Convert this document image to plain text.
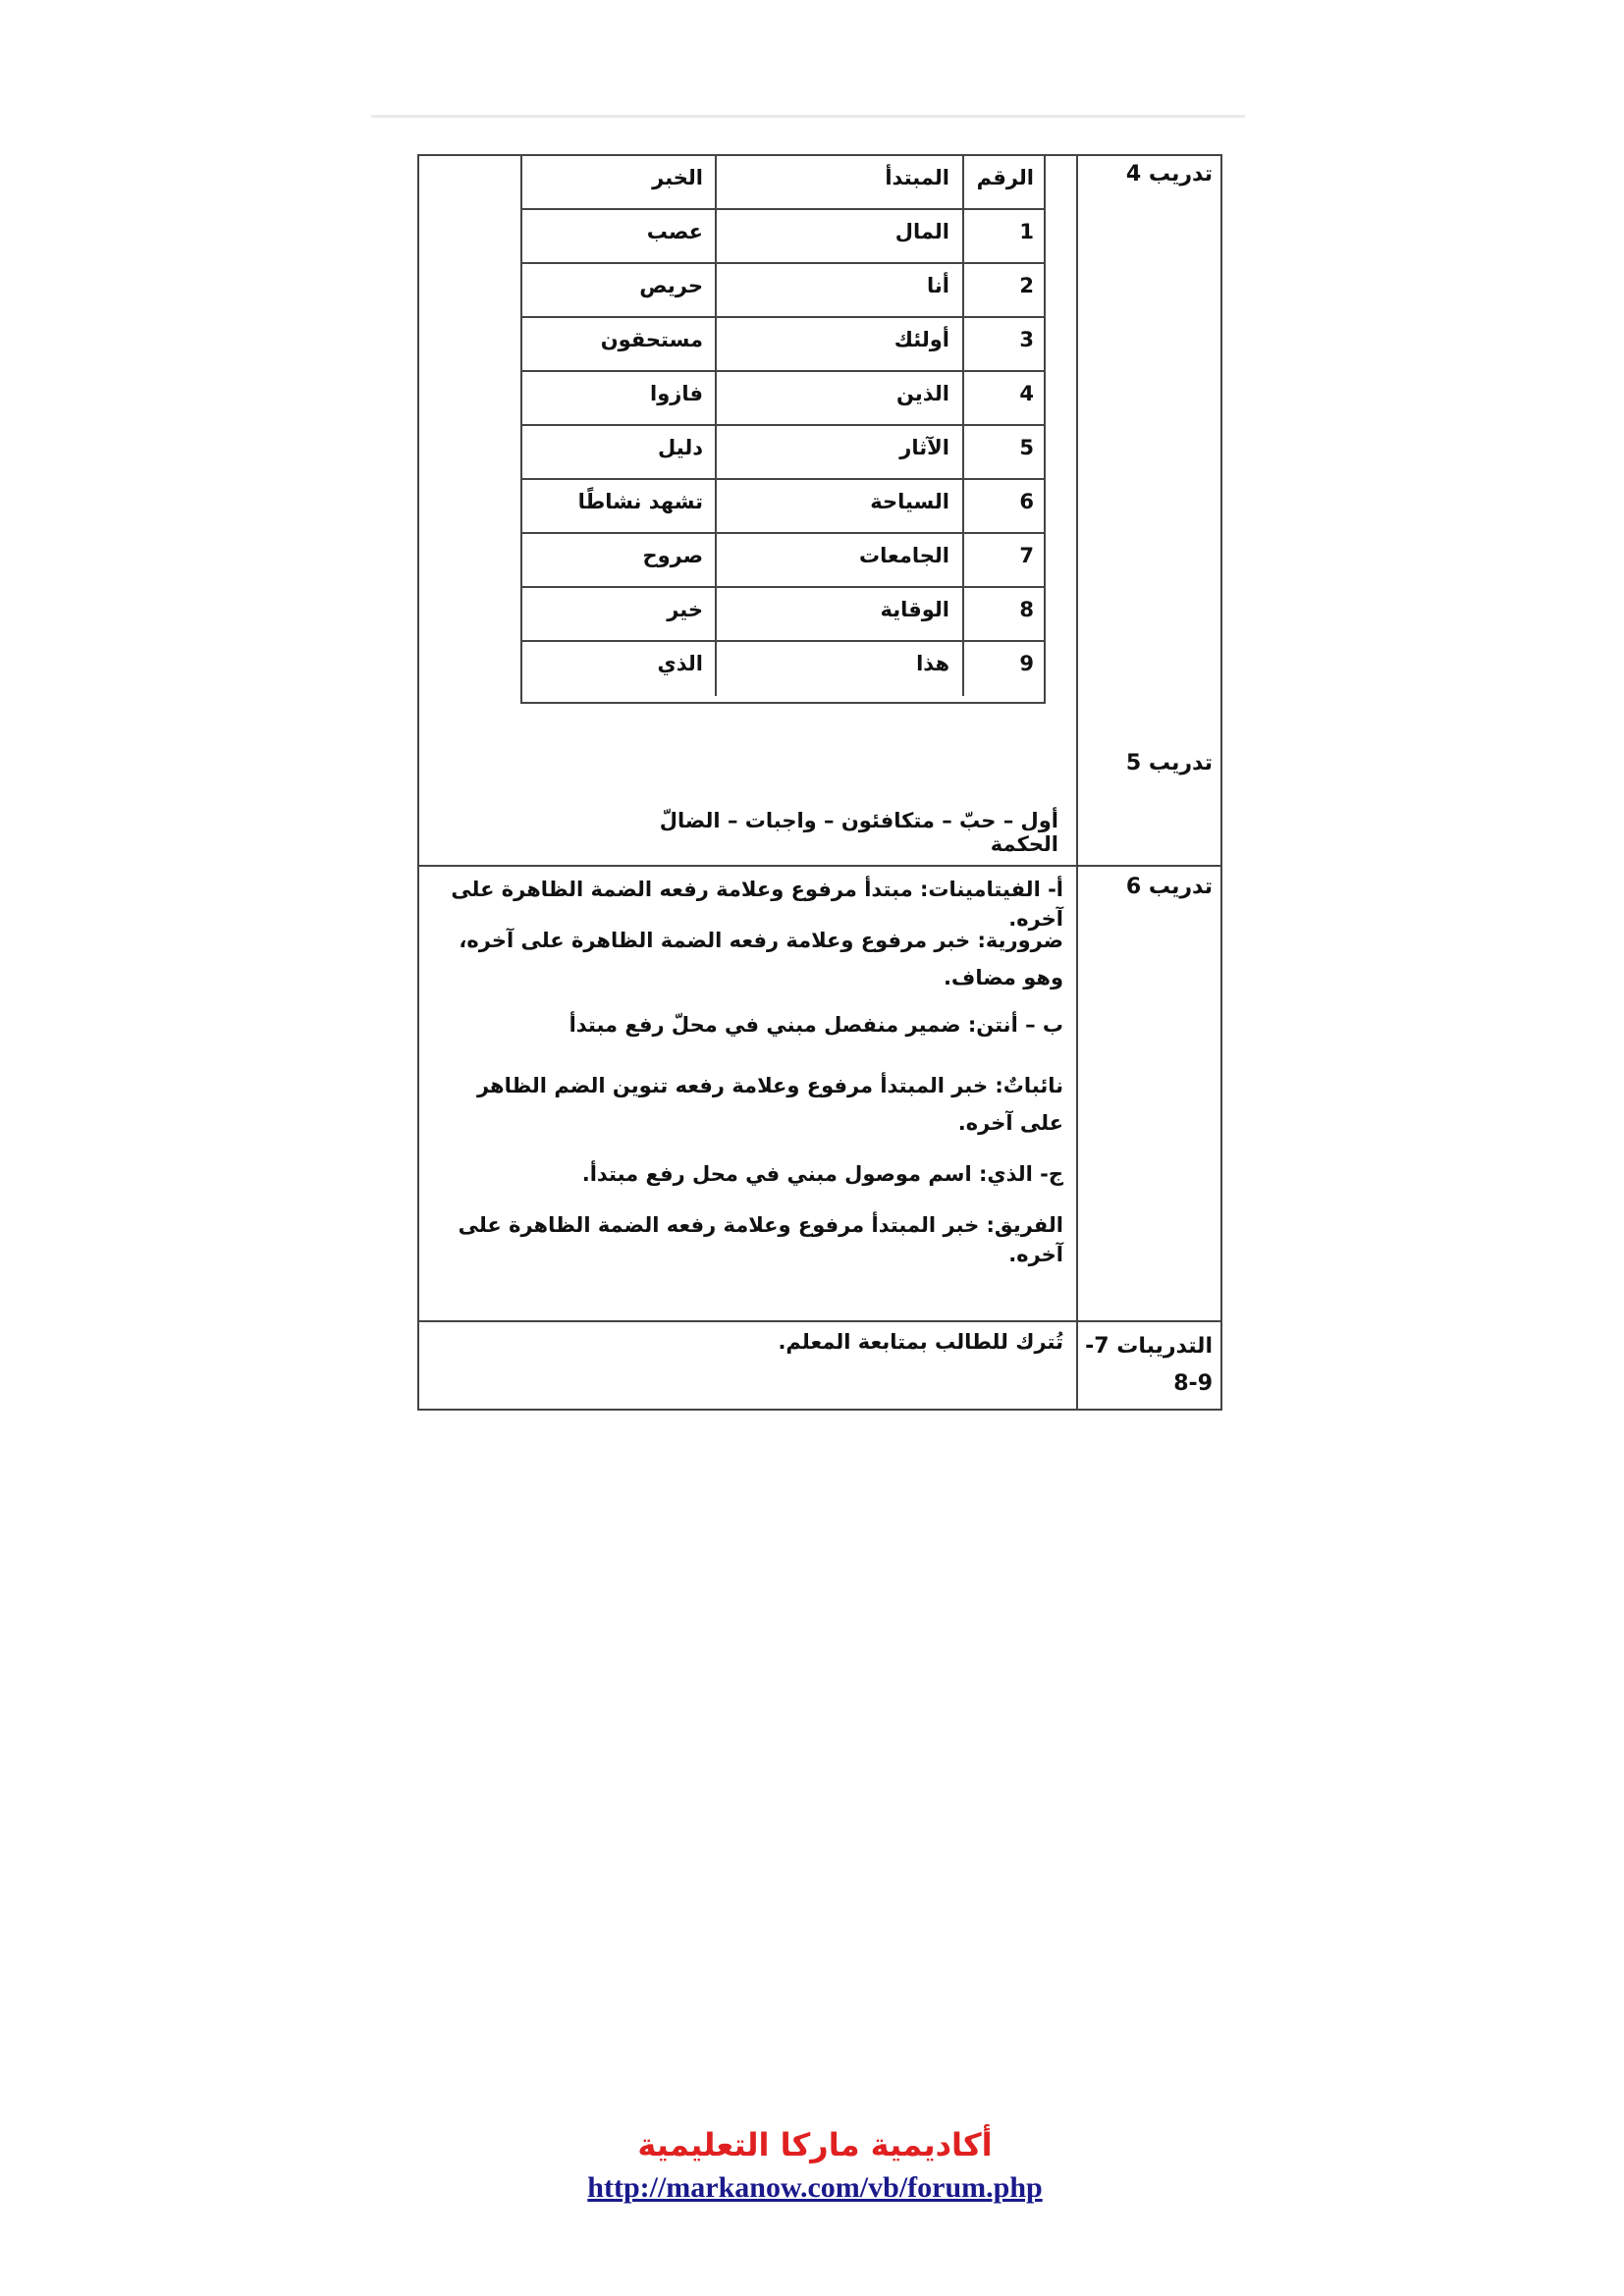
تدريب 4
تدريب 5
الرقم
المبتدأ
الخبر
1
المال
عصب
2
أنا
حريص
3
أولئك
مستحقون
4
الذين
فازوا
5
الآثار
دليل
6
السياحة
تشهد نشاطًا
7
الجامعات
صروح
8
الوقاية
خير
9
هذا
الذي
أول – حبّ – متكافئون – واجبات – الضالّ الحكمة
تدريب 6
أ- الفيتامينات: مبتدأ مرفوع وعلامة رفعه الضمة الظاهرة على آخره.
ضرورية: خبر مرفوع وعلامة رفعه الضمة الظاهرة على آخره، وهو مضاف.
ب – أنتن: ضمير منفصل مبني في محلّ رفع مبتدأ
نائباتٌ: خبر المبتدأ مرفوع وعلامة رفعه تنوين الضم الظاهر على آخره.
ج- الذي: اسم موصول مبني في محل رفع مبتدأ.
الفريق: خبر المبتدأ مرفوع وعلامة رفعه الضمة الظاهرة على آخره.
التدريبات 7- 9-8
تُترك للطالب بمتابعة المعلم.
أكاديمية ماركا التعليمية
http://markanow.com/vb/forum.php
